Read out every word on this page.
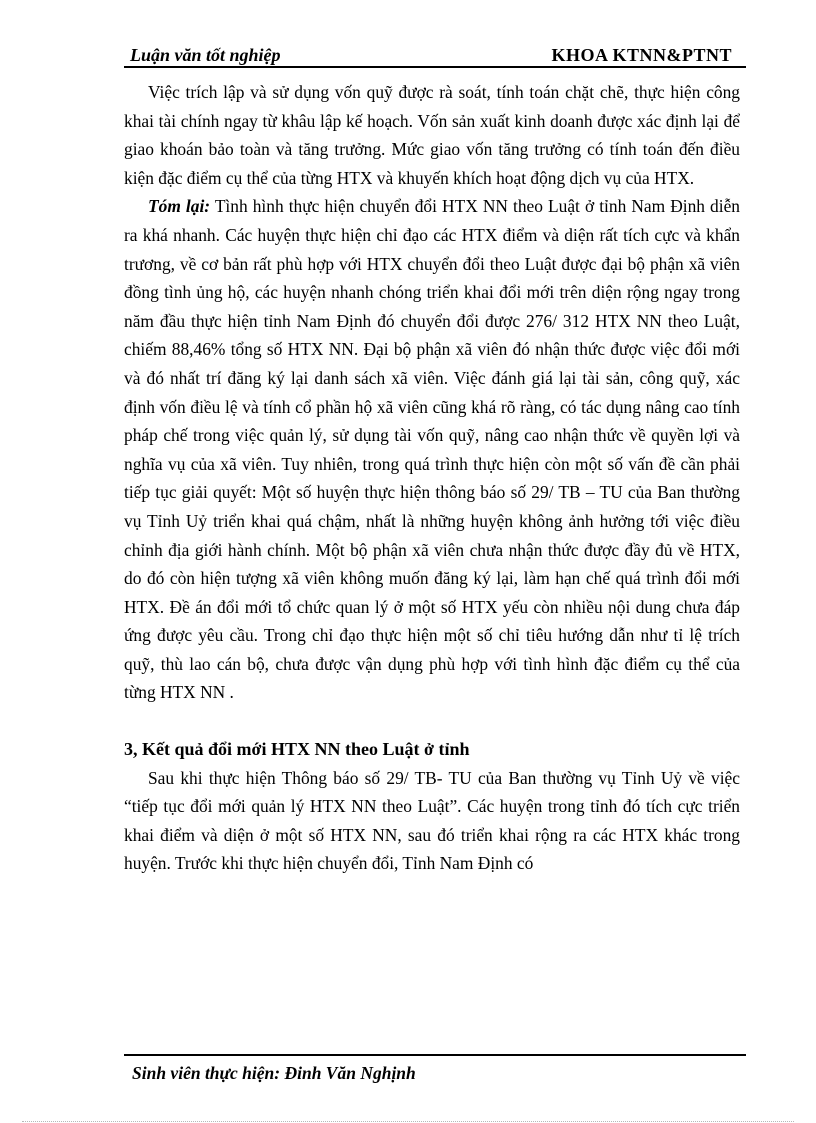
Luận văn tốt nghiệp	KHOA KTNN&PTNT

Việc trích lập và sử dụng vốn quỹ được rà soát, tính toán chặt chẽ, thực hiện công khai tài chính ngay từ khâu lập kế hoạch. Vốn sản xuất kinh doanh được xác định lại để giao khoán bảo toàn và tăng trưởng. Mức giao vốn tăng trưởng có tính toán đến điều kiện đặc điểm cụ thể của từng HTX và khuyến khích hoạt động dịch vụ của HTX.

Tóm lại: Tình hình thực hiện chuyển đổi HTX NN theo Luật ở tỉnh Nam Định diễn ra khá nhanh. Các huyện thực hiện chỉ đạo các HTX điểm và diện rất tích cực và khẩn trương, về cơ bản rất phù hợp với HTX chuyển đổi theo Luật được đại bộ phận xã viên đồng tình ủng hộ, các huyện nhanh chóng triển khai đổi mới trên diện rộng ngay trong năm đầu thực hiện tỉnh Nam Định đó chuyển đổi được 276/ 312 HTX NN theo Luật, chiếm 88,46% tổng số HTX NN. Đại bộ phận xã viên đó nhận thức được việc đổi mới và đó nhất trí đăng ký lại danh sách xã viên. Việc đánh giá lại tài sản, công quỹ, xác định vốn điều lệ và tính cổ phần hộ xã viên cũng khá rõ ràng, có tác dụng nâng cao tính pháp chế trong việc quản lý, sử dụng tài vốn quỹ, nâng cao nhận thức về quyền lợi và nghĩa vụ của xã viên. Tuy nhiên, trong quá trình thực hiện còn một số vấn đề cần phải tiếp tục giải quyết: Một số huyện thực hiện thông báo số 29/ TB – TU của Ban thường vụ Tỉnh Uỷ triển khai quá chậm, nhất là những huyện không ảnh hưởng tới việc điều chỉnh địa giới hành chính. Một bộ phận xã viên chưa nhận thức được đầy đủ về HTX, do đó còn hiện tượng xã viên không muốn đăng ký lại, làm hạn chế quá trình đổi mới HTX. Đề án đổi mới tổ chức quan lý ở một số HTX yếu còn nhiều nội dung chưa đáp ứng được yêu cầu. Trong chỉ đạo thực hiện một số chỉ tiêu hướng dẫn như tỉ lệ trích quỹ, thù lao cán bộ, chưa được vận dụng phù hợp với tình hình đặc điểm cụ thể của từng HTX NN .

3, Kết quả đổi mới HTX NN theo Luật ở tỉnh

Sau khi thực hiện Thông báo số 29/ TB- TU của Ban thường vụ Tỉnh Uỷ về việc “tiếp tục đổi mới quản lý HTX NN theo Luật”. Các huyện trong tỉnh đó tích cực triển khai điểm và diện ở một số HTX NN, sau đó triển khai rộng ra các HTX khác trong huyện. Trước khi thực hiện chuyển đổi, Tỉnh Nam Định có

Sinh viên thực hiện: Đinh Văn Nghịnh
